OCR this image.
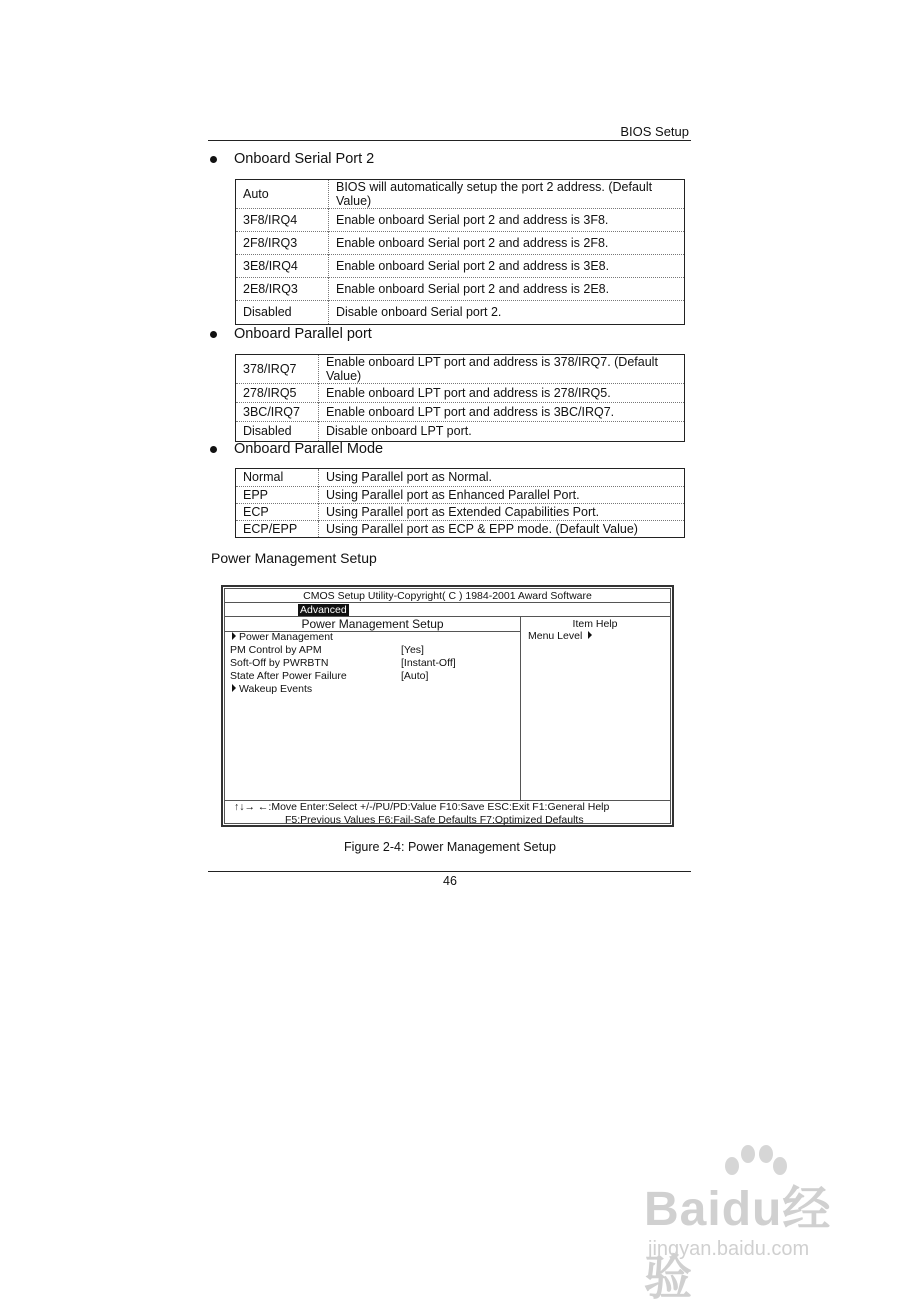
BIOS Setup
Onboard Serial Port 2
Auto	BIOS will automatically setup the port 2 address. (Default Value)
3F8/IRQ4	Enable onboard Serial port 2 and address is 3F8.
2F8/IRQ3	Enable onboard Serial port 2 and address is 2F8.
3E8/IRQ4	Enable onboard Serial port 2 and address is 3E8.
2E8/IRQ3	Enable onboard Serial port 2 and address is 2E8.
Disabled	Disable onboard Serial port 2.
Onboard Parallel port
378/IRQ7	Enable onboard LPT port and address is 378/IRQ7. (Default Value)
278/IRQ5	Enable onboard LPT port and address is 278/IRQ5.
3BC/IRQ7	Enable onboard LPT port and address is 3BC/IRQ7.
Disabled	Disable onboard LPT port.
Onboard Parallel Mode
Normal	Using Parallel port as Normal.
EPP	Using Parallel port as Enhanced Parallel Port.
ECP	Using Parallel port as Extended Capabilities Port.
ECP/EPP	Using Parallel port as ECP & EPP mode. (Default Value)
Power Management Setup
CMOS Setup Utility-Copyright( C ) 1984-2001 Award Software
Advanced
Power Management Setup	Item Help
Power Management
PM Control by APM	[Yes]
Soft-Off by PWRBTN	[Instant-Off]
State After Power Failure	[Auto]
Wakeup Events
Menu Level
↑↓→ ←:Move Enter:Select +/-/PU/PD:Value F10:Save ESC:Exit F1:General Help
F5:Previous Values F6:Fail-Safe Defaults F7:Optimized Defaults
Figure 2-4: Power Management Setup
46
Baidu经验
jingyan.baidu.com
